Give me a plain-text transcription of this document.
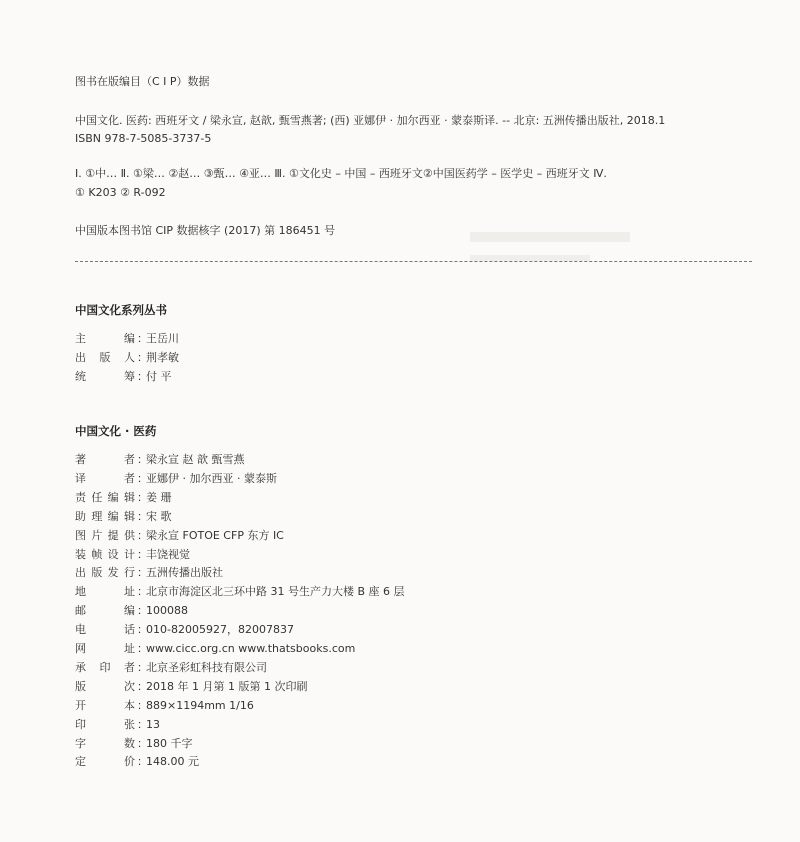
图书在版编目（C I P）数据
中国文化. 医药: 西班牙文 / 梁永宣, 赵歆, 甄雪燕著; (西) 亚娜伊 · 加尔西亚 · 蒙泰斯译. -- 北京: 五洲传播出版社, 2018.1
ISBN 978-7-5085-3737-5
Ⅰ. ①中… Ⅱ. ①梁… ②赵… ③甄… ④亚… Ⅲ. ①文化史 – 中国 – 西班牙文②中国医药学 – 医学史 – 西班牙文 Ⅳ.
① K203 ② R-092
中国版本图书馆 CIP 数据核字 (2017) 第 186451 号
中国文化系列丛书
主	编 ：
王岳川
出 版 人 ：
荆孝敏
统	筹 ：
付 平
中国文化 · 医药
著	者 ：
梁永宣 赵 歆 甄雪燕
译	者 ：
亚娜伊 · 加尔西亚 · 蒙泰斯
责 任 编 辑 ：
姜 珊
助 理 编 辑 ：
宋 歌
图 片 提 供 ：
梁永宣 FOTOE CFP 东方 IC
装 帧 设 计 ：
丰饶视觉
出 版 发 行 ：
五洲传播出版社
地	址 ：
北京市海淀区北三环中路 31 号生产力大楼 B 座 6 层
邮	编 ：
100088
电	话 ：
010-82005927，82007837
网	址 ：
www.cicc.org.cn www.thatsbooks.com
承 印 者 ：
北京圣彩虹科技有限公司
版	次 ：
2018 年 1 月第 1 版第 1 次印刷
开	本 ：
889×1194mm 1/16
印	张 ：
13
字	数 ：
180 千字
定	价 ：
148.00 元
